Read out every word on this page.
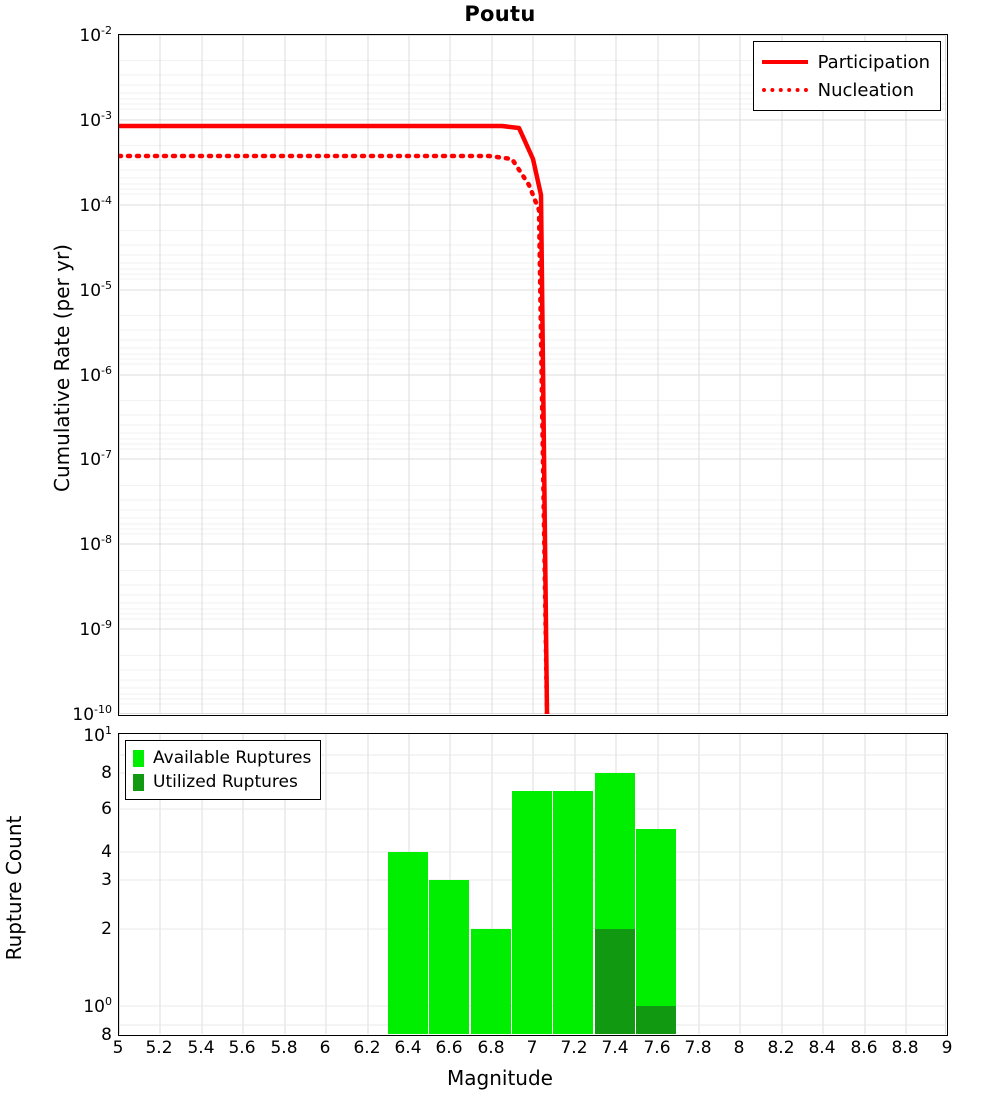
Poutu
Participation
Nucleation
$10^{-2}$
$10^{-3}$
$10^{-4}$
$10^{-5}$
$10^{-6}$
$10^{-7}$
$10^{-8}$
$10^{-9}$
$10^{-10}$
Cumulative Rate (per yr)
Available Ruptures
Utilized Ruptures
$10^1$
8
6
4
3
2
$10^0$
8
Rupture Count
5 5.2 5.4 5.6 5.8 6 6.2 6.4 6.6 6.8 7 7.2 7.4 7.6 7.8 8 8.2 8.4 8.6 8.8 9
Magnitude
